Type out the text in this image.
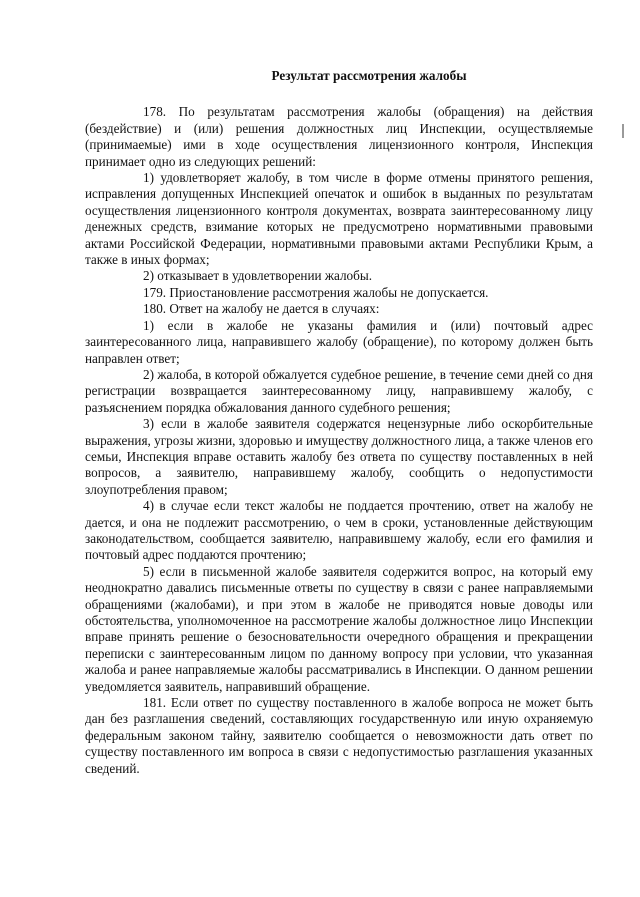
Результат рассмотрения жалобы

178. По результатам рассмотрения жалобы (обращения) на действия (бездействие) и (или) решения должностных лиц Инспекции, осуществляемые (принимаемые) ими в ходе осуществления лицензионного контроля, Инспекция принимает одно из следующих решений:

1) удовлетворяет жалобу, в том числе в форме отмены принятого решения, исправления допущенных Инспекцией опечаток и ошибок в выданных по результатам осуществления лицензионного контроля документах, возврата заинтересованному лицу денежных средств, взимание которых не предусмотрено нормативными правовыми актами Российской Федерации, нормативными правовыми актами Республики Крым, а также в иных формах;

2) отказывает в удовлетворении жалобы.

179. Приостановление рассмотрения жалобы не допускается.

180. Ответ на жалобу не дается в случаях:

1) если в жалобе не указаны фамилия и (или) почтовый адрес заинтересованного лица, направившего жалобу (обращение), по которому должен быть направлен ответ;

2) жалоба, в которой обжалуется судебное решение, в течение семи дней со дня регистрации возвращается заинтересованному лицу, направившему жалобу, с разъяснением порядка обжалования данного судебного решения;

3) если в жалобе заявителя содержатся нецензурные либо оскорбительные выражения, угрозы жизни, здоровью и имуществу должностного лица, а также членов его семьи, Инспекция вправе оставить жалобу без ответа по существу поставленных в ней вопросов, а заявителю, направившему жалобу, сообщить о недопустимости злоупотребления правом;

4) в случае если текст жалобы не поддается прочтению, ответ на жалобу не дается, и она не подлежит рассмотрению, о чем в сроки, установленные действующим законодательством, сообщается заявителю, направившему жалобу, если его фамилия и почтовый адрес поддаются прочтению;

5) если в письменной жалобе заявителя содержится вопрос, на который ему неоднократно давались письменные ответы по существу в связи с ранее направляемыми обращениями (жалобами), и при этом в жалобе не приводятся новые доводы или обстоятельства, уполномоченное на рассмотрение жалобы должностное лицо Инспекции вправе принять решение о безосновательности очередного обращения и прекращении переписки с заинтересованным лицом по данному вопросу при условии, что указанная жалоба и ранее направляемые жалобы рассматривались в Инспекции. О данном решении уведомляется заявитель, направивший обращение.

181. Если ответ по существу поставленного в жалобе вопроса не может быть дан без разглашения сведений, составляющих государственную или иную охраняемую федеральным законом тайну, заявителю сообщается о невозможности дать ответ по существу поставленного им вопроса в связи с недопустимостью разглашения указанных сведений.
